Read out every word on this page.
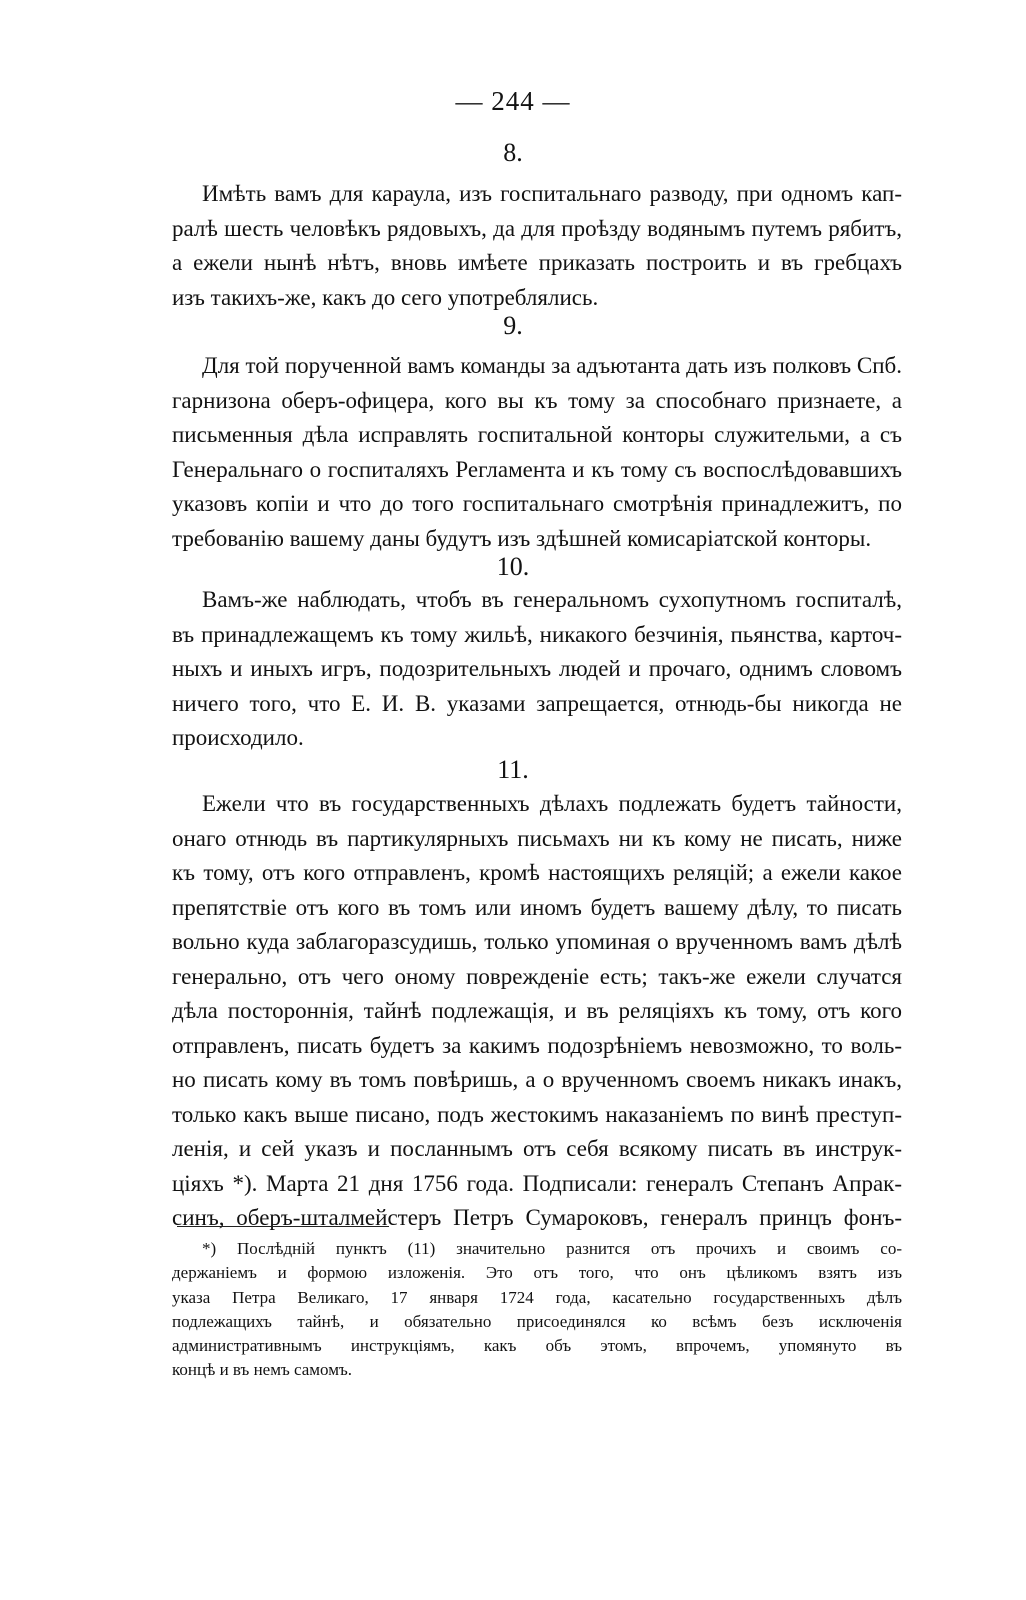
— 244 —
8.
Имѣть вамъ для караула, изъ госпитальнаго разводу, при одномъ кап-
ралѣ шесть человѣкъ рядовыхъ, да для проѣзду водянымъ путемъ рябитъ,
а ежели нынѣ нѣтъ, вновь имѣете приказать построить и въ гребцахъ
изъ такихъ-же, какъ до сего употреблялись.
9.
Для той порученной вамъ команды за адъютанта дать изъ полковъ Спб.
гарнизона оберъ-офицера, кого вы къ тому за способнаго признаете, а
письменныя дѣла исправлять госпитальной конторы служительми, а съ
Генеральнаго о госпиталяхъ Регламента и къ тому съ воспослѣдовавшихъ
указовъ копіи и что до того госпитальнаго смотрѣнія принадлежитъ, по
требованію вашему даны будутъ изъ здѣшней комисаріатской конторы.
10.
Вамъ-же наблюдать, чтобъ въ генеральномъ сухопутномъ госпиталѣ,
въ принадлежащемъ къ тому жильѣ, никакого безчинія, пьянства, карточ-
ныхъ и иныхъ игръ, подозрительныхъ людей и прочаго, однимъ словомъ
ничего того, что Е. И. В. указами запрещается, отнюдь-бы никогда не
происходило.
11.
Ежели что въ государственныхъ дѣлахъ подлежать будетъ тайности,
онаго отнюдь въ партикулярныхъ письмахъ ни къ кому не писать, ниже
къ тому, отъ кого отправленъ, кромѣ настоящихъ реляцій; а ежели какое
препятствіе отъ кого въ томъ или иномъ будетъ вашему дѣлу, то писать
вольно куда заблагоразсудишь, только упоминая о врученномъ вамъ дѣлѣ
генерально, отъ чего оному поврежденіе есть; такъ-же ежели случатся
дѣла постороннія, тайнѣ подлежащія, и въ реляціяхъ къ тому, отъ кого
отправленъ, писать будетъ за какимъ подозрѣніемъ невозможно, то воль-
но писать кому въ томъ повѣришь, а о врученномъ своемъ никакъ инакъ,
только какъ выше писано, подъ жестокимъ наказаніемъ по винѣ преступ-
ленія, и сей указъ и посланнымъ отъ себя всякому писать въ инструк-
ціяхъ *). Марта 21 дня 1756 года. Подписали: генералъ Степанъ Апрак-
синъ, оберъ-шталмейстеръ Петръ Сумароковъ, генералъ принцъ фонъ-
*) Послѣдній пунктъ (11) значительно разнится отъ прочихъ и своимъ со-
держаніемъ и формою изложенія. Это отъ того, что онъ цѣликомъ взятъ изъ
указа Петра Великаго, 17 января 1724 года, касательно государственныхъ дѣлъ
подлежащихъ тайнѣ, и обязательно присоединялся ко всѣмъ безъ исключенія
административнымъ инструкціямъ, какъ объ этомъ, впрочемъ, упомянуто въ
концѣ и въ немъ самомъ.
